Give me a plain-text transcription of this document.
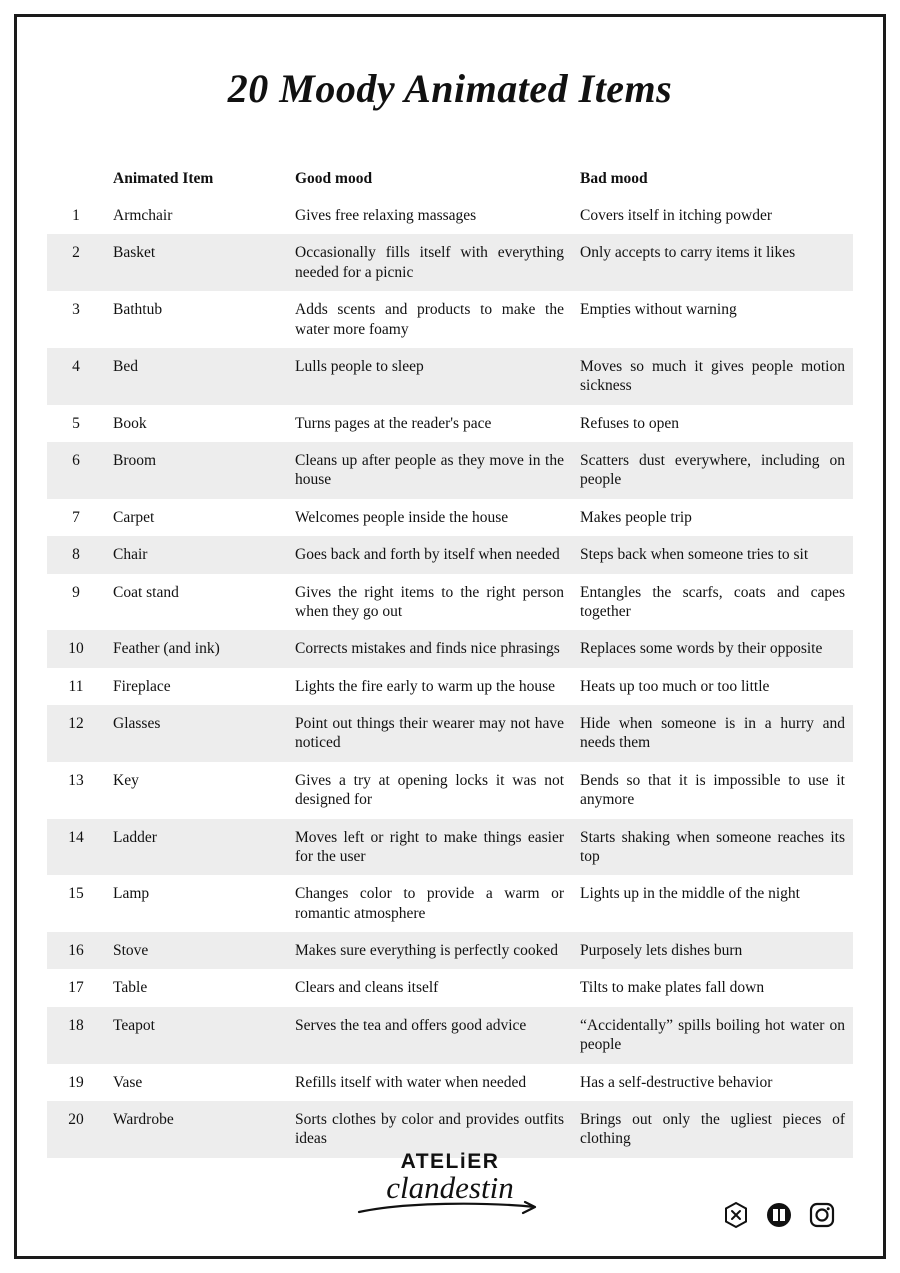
20 Moody Animated Items
	Animated Item	Good mood	Bad mood
1	Armchair	Gives free relaxing massages	Covers itself in itching powder
2	Basket	Occasionally fills itself with everything needed for a picnic	Only accepts to carry items it likes
3	Bathtub	Adds scents and products to make the water more foamy	Empties without warning
4	Bed	Lulls people to sleep	Moves so much it gives people motion sickness
5	Book	Turns pages at the reader's pace	Refuses to open
6	Broom	Cleans up after people as they move in the house	Scatters dust everywhere, including on people
7	Carpet	Welcomes people inside the house	Makes people trip
8	Chair	Goes back and forth by itself when needed	Steps back when someone tries to sit
9	Coat stand	Gives the right items to the right person when they go out	Entangles the scarfs, coats and capes together
10	Feather (and ink)	Corrects mistakes and finds nice phrasings	Replaces some words by their opposite
11	Fireplace	Lights the fire early to warm up the house	Heats up too much or too little
12	Glasses	Point out things their wearer may not have noticed	Hide when someone is in a hurry and needs them
13	Key	Gives a try at opening locks it was not designed for	Bends so that it is impossible to use it anymore
14	Ladder	Moves left or right to make things easier for the user	Starts shaking when someone reaches its top
15	Lamp	Changes color to provide a warm or romantic atmosphere	Lights up in the middle of the night
16	Stove	Makes sure everything is perfectly cooked	Purposely lets dishes burn
17	Table	Clears and cleans itself	Tilts to make plates fall down
18	Teapot	Serves the tea and offers good advice	“Accidentally” spills boiling hot water on people
19	Vase	Refills itself with water when needed	Has a self-destructive behavior
20	Wardrobe	Sorts clothes by color and provides outfits ideas	Brings out only the ugliest pieces of clothing
ATELiER
clandestin
